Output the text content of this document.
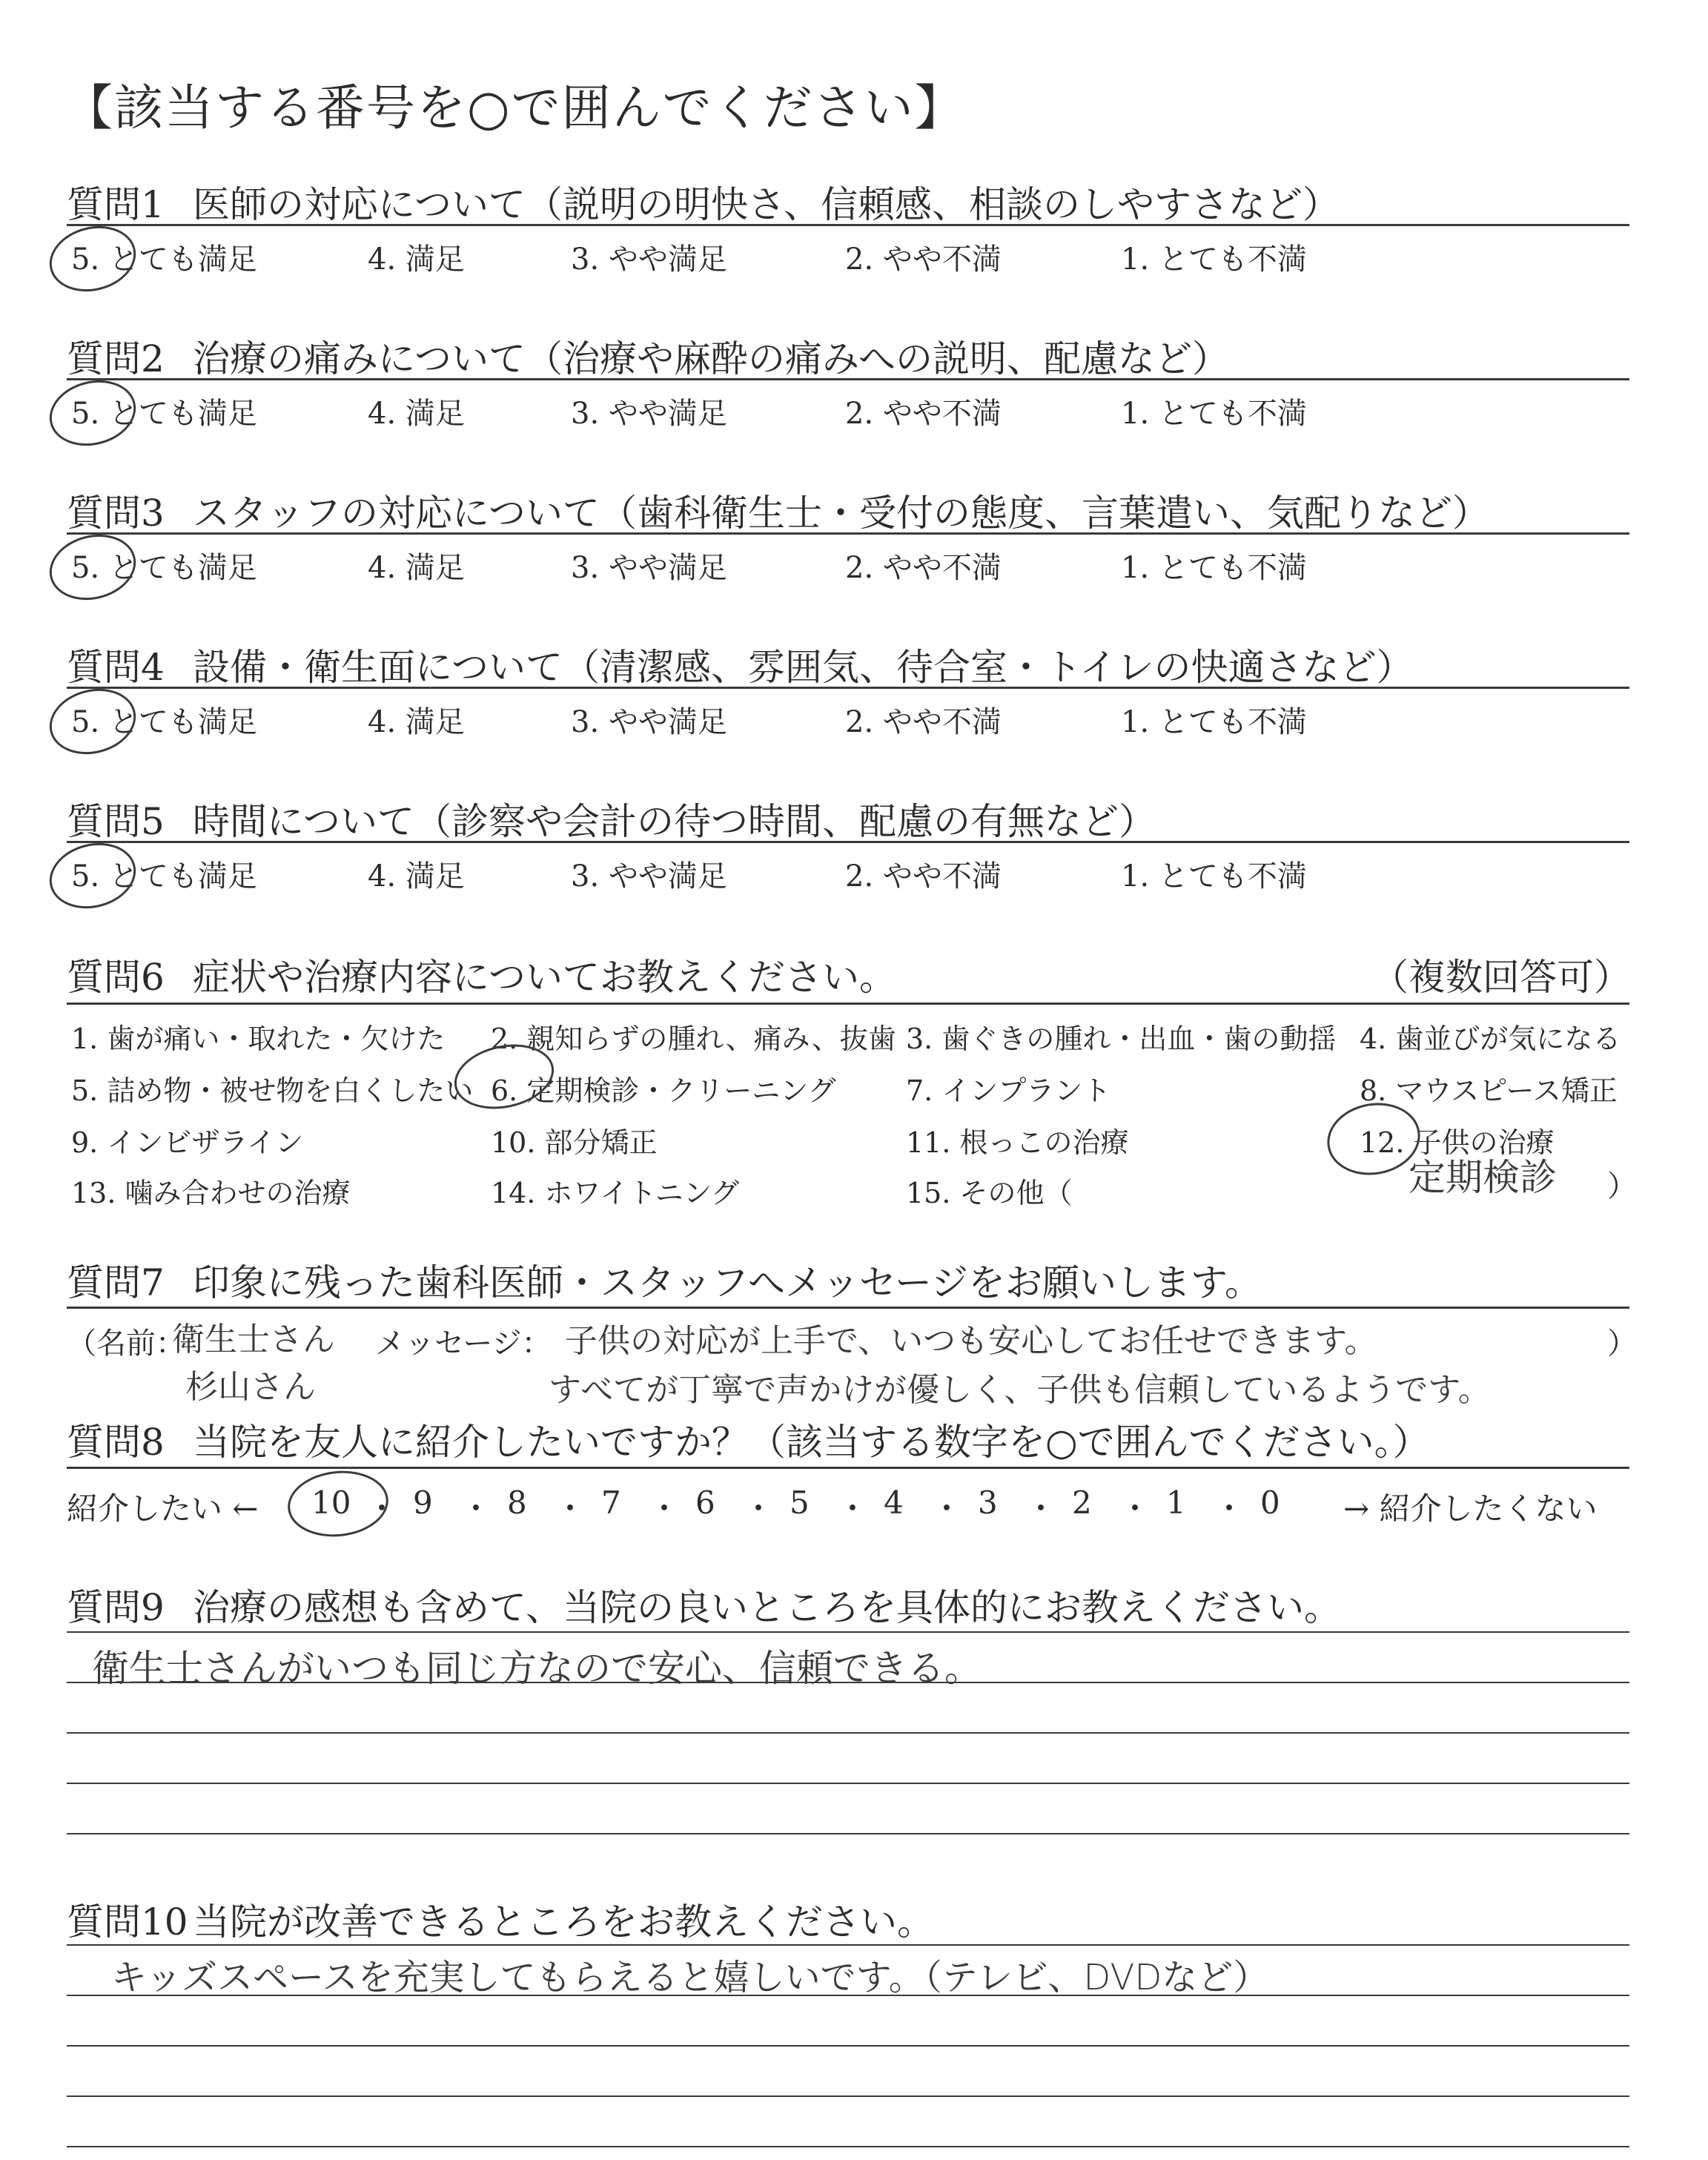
【該当する番号を○で囲んでください】
質問1 医師の対応について（説明の明快さ、信頼感、相談のしやすさなど）
5. とても満足	4. 満足	3. やや満足	2. やや不満	1. とても不満
質問2 治療の痛みについて（治療や麻酔の痛みへの説明、配慮など）
5. とても満足	4. 満足	3. やや満足	2. やや不満	1. とても不満
質問3 スタッフの対応について（歯科衛生士・受付の態度、言葉遣い、気配りなど）
5. とても満足	4. 満足	3. やや満足	2. やや不満	1. とても不満
質問4 設備・衛生面について（清潔感、雰囲気、待合室・トイレの快適さなど）
5. とても満足	4. 満足	3. やや満足	2. やや不満	1. とても不満
質問5 時間について（診察や会計の待つ時間、配慮の有無など）
5. とても満足	4. 満足	3. やや満足	2. やや不満	1. とても不満
質問6 症状や治療内容についてお教えください。	（複数回答可）
1. 歯が痛い・取れた・欠けた 2. 親知らずの腫れ、痛み、抜歯 3. 歯ぐきの腫れ・出血・歯の動揺 4. 歯並びが気になる
5. 詰め物・被せ物を白くしたい 6. 定期検診・クリーニング 7. インプラント	8. マウスピース矯正
9. インビザライン	10. 部分矯正	11. 根っこの治療	12. 子供の治療
13. 噛み合わせの治療	14. ホワイトニング	15. その他（	定期検診 ）
質問7 印象に残った歯科医師・スタッフへメッセージをお願いします。
（名前：
衛生士さん
杉山さん
メッセージ： 子供の対応が上手で、いつも安心してお任せできます。
すべてが丁寧で声かけが優しく、子供も信頼しているようです。
）
質問8 当院を友人に紹介したいですか？（該当する数字を○で囲んでください。）
紹介したい ← 10 ・ 9 ・ 8 ・ 7 ・ 6 ・ 5 ・ 4 ・ 3 ・ 2 ・ 1 ・ 0 → 紹介したくない
質問9 治療の感想も含めて、当院の良いところを具体的にお教えください。
衛生士さんがいつも同じ方なので安心、信頼できる。
質問10 当院が改善できるところをお教えください。
キッズスペースを充実してもらえると嬉しいです。（テレビ、DVDなど）
